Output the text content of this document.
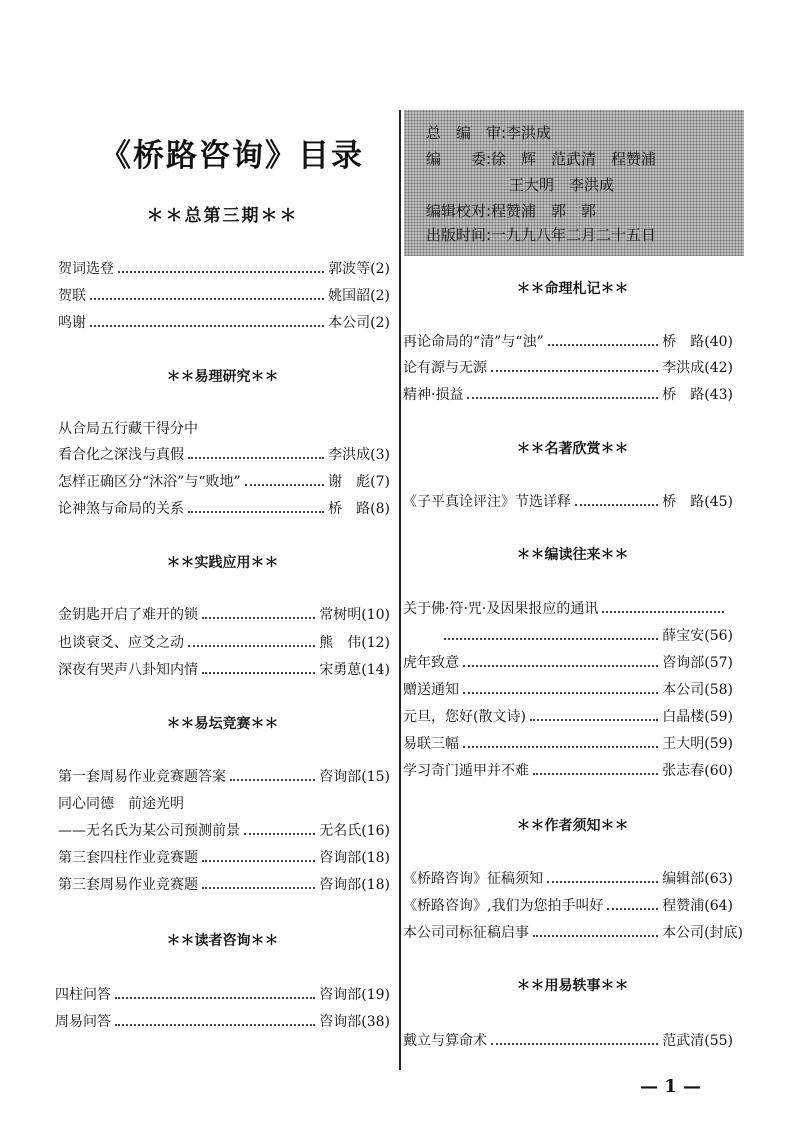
《桥路咨询》目录
＊＊总第三期＊＊
贺词选登	郭波等(2)
贺联	姚国韶(2)
鸣谢	本公司(2)
＊＊易理研究＊＊
从合局五行藏干得分中
看合化之深浅与真假	李洪成(3)
怎样正确区分“沐浴”与“败地”	谢　彪(7)
论神煞与命局的关系	桥　路(8)
＊＊实践应用＊＊
金钥匙开启了难开的锁	常树明(10)
也谈衰爻、应爻之动	熊　伟(12)
深夜有哭声八卦知内情	宋勇葸(14)
＊＊易坛竞赛＊＊
第一套周易作业竞赛题答案	咨询部(15)
同心同德　前途光明
——无名氏为某公司预测前景	无名氏(16)
第三套四柱作业竞赛题	咨询部(18)
第三套周易作业竞赛题	咨询部(18)
＊＊读者咨询＊＊
四柱问答	咨询部(19)
周易问答	咨询部(38)
总　编　审:李洪成
编　　委:徐　辉　范武清　程赞浦
王大明　李洪成
编辑校对:程赞浦　郭　郭
出版时间:一九九八年二月二十五日
＊＊命理札记＊＊
再论命局的“清”与“浊”	桥　路(40)
论有源与无源	李洪成(42)
精神·损益	桥　路(43)
＊＊名著欣赏＊＊
《子平真诠评注》节选详释	桥　路(45)
＊＊编读往来＊＊
关于佛·符·咒·及因果报应的通讯
薛宝安(56)
虎年致意	咨询部(57)
赠送通知	本公司(58)
元旦，您好(散文诗)	白晶楼(59)
易联三幅	王大明(59)
学习奇门遁甲并不难	张志春(60)
＊＊作者须知＊＊
《桥路咨询》征稿须知	编辑部(63)
《桥路咨询》,我们为您拍手叫好	程赞浦(64)
本公司司标征稿启事	本公司(封底)
＊＊用易轶事＊＊
戴立与算命术	范武清(55)
— 1 —
